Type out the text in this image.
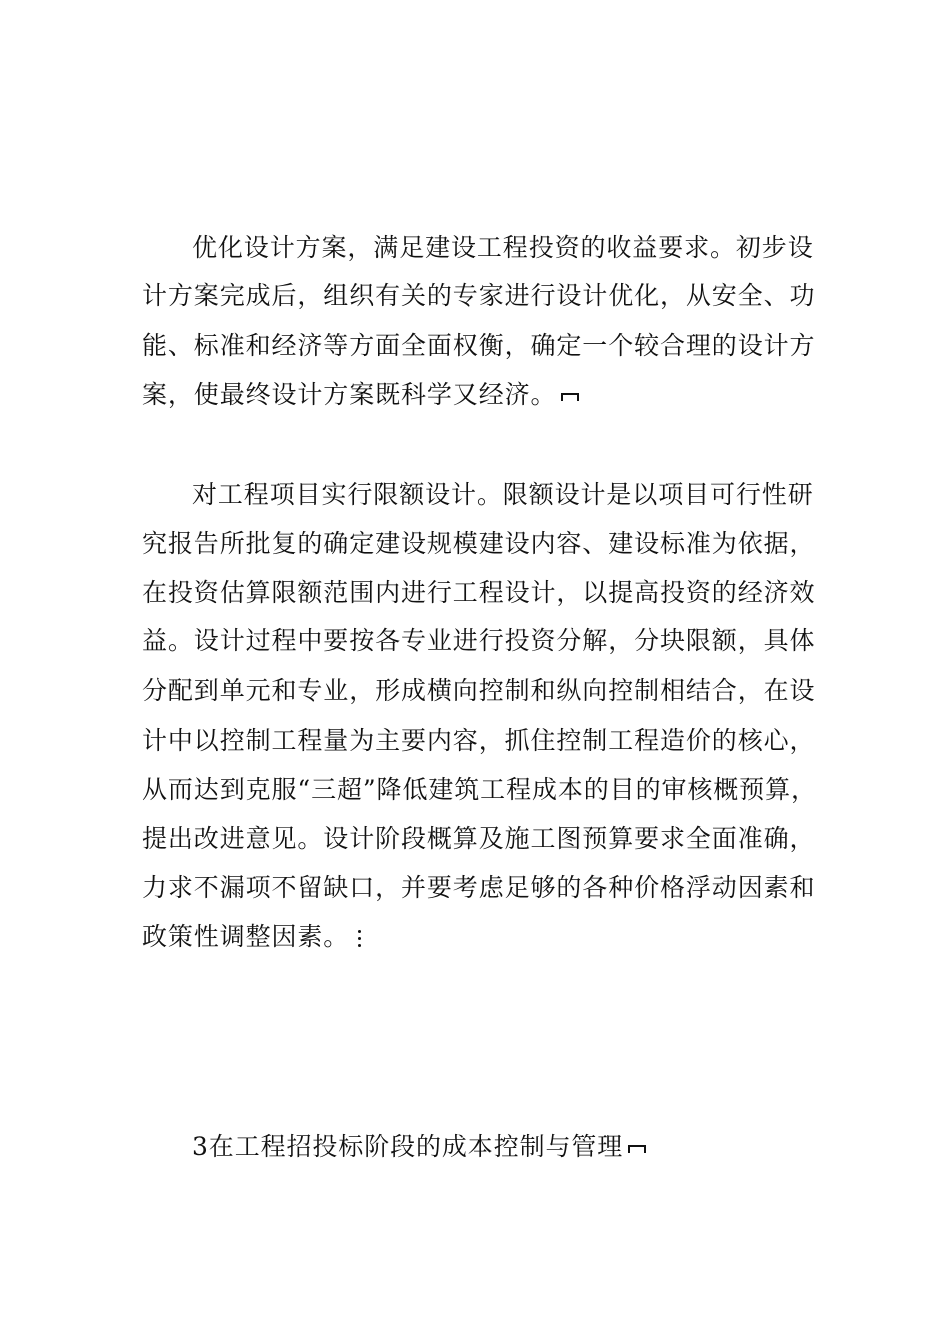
优化设计方案，满足建设工程投资的收益要求。初步设
计方案完成后，组织有关的专家进行设计优化，从安全、功
能、标准和经济等方面全面权衡，确定一个较合理的设计方
案，使最终设计方案既科学又经济。
对工程项目实行限额设计。限额设计是以项目可行性研
究报告所批复的确定建设规模建设内容、建设标准为依据，
在投资估算限额范围内进行工程设计，以提高投资的经济效
益。设计过程中要按各专业进行投资分解，分块限额，具体
分配到单元和专业，形成横向控制和纵向控制相结合，在设
计中以控制工程量为主要内容，抓住控制工程造价的核心，
从而达到克服“三超”降低建筑工程成本的目的审核概预算，
提出改进意见。设计阶段概算及施工图预算要求全面准确，
力求不漏项不留缺口，并要考虑足够的各种价格浮动因素和
政策性调整因素。
3在工程招投标阶段的成本控制与管理
